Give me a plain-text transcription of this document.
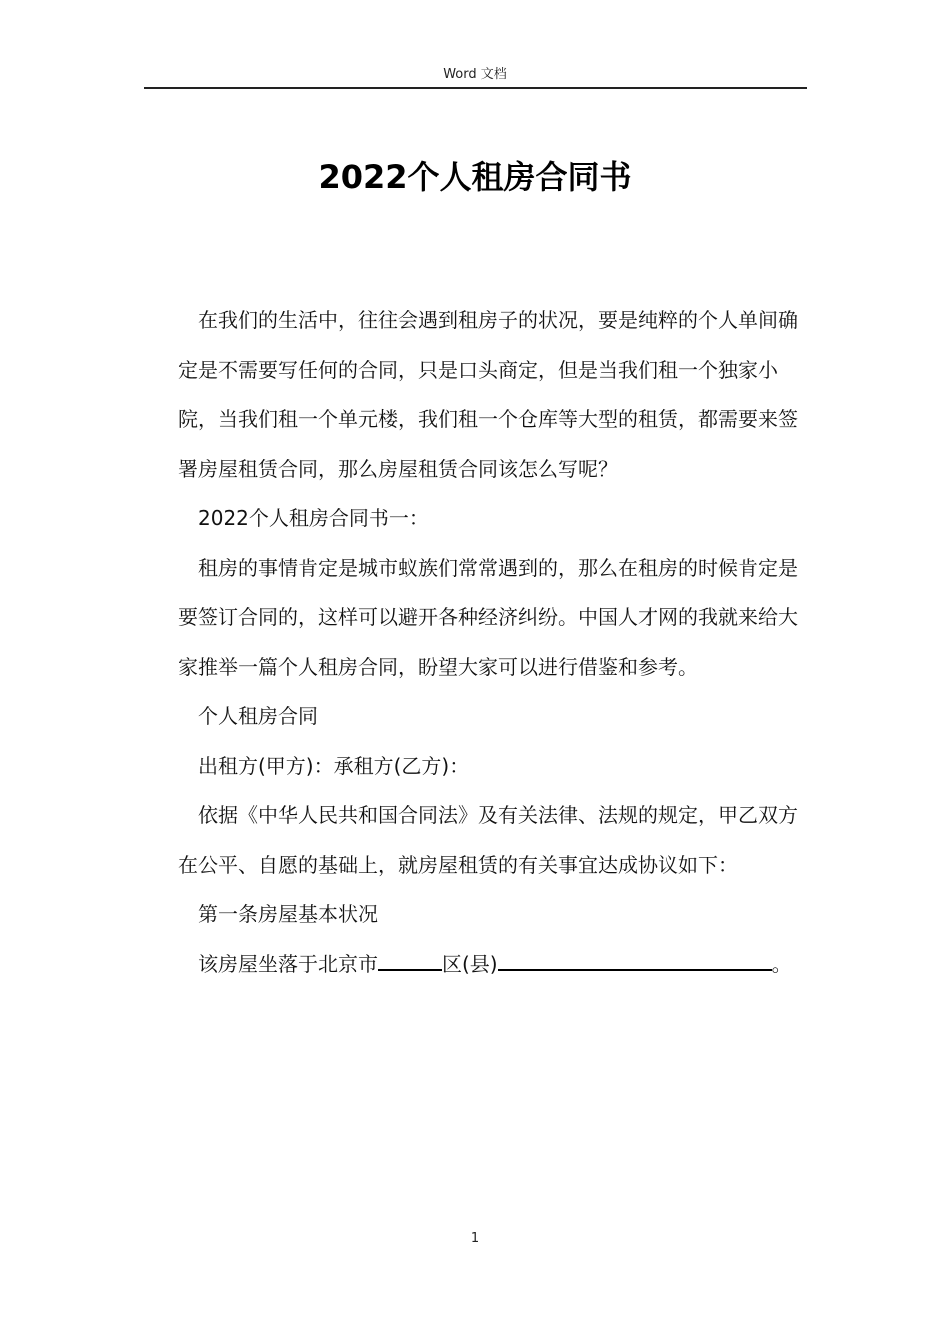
Word 文档
2022个人租房合同书

在我们的生活中，往往会遇到租房子的状况，要是纯粹的个人单间确定是不需要写任何的合同，只是口头商定，但是当我们租一个独家小院，当我们租一个单元楼，我们租一个仓库等大型的租赁，都需要来签署房屋租赁合同，那么房屋租赁合同该怎么写呢？

2022个人租房合同书一：

租房的事情肯定是城市蚁族们常常遇到的，那么在租房的时候肯定是要签订合同的，这样可以避开各种经济纠纷。中国人才网的我就来给大家推举一篇个人租房合同，盼望大家可以进行借鉴和参考。

个人租房合同

出租方(甲方)：承租方(乙方)：

依据《中华人民共和国合同法》及有关法律、法规的规定，甲乙双方在公平、自愿的基础上，就房屋租赁的有关事宜达成协议如下：

第一条房屋基本状况

该房屋坐落于北京市	区(县)	。

1
